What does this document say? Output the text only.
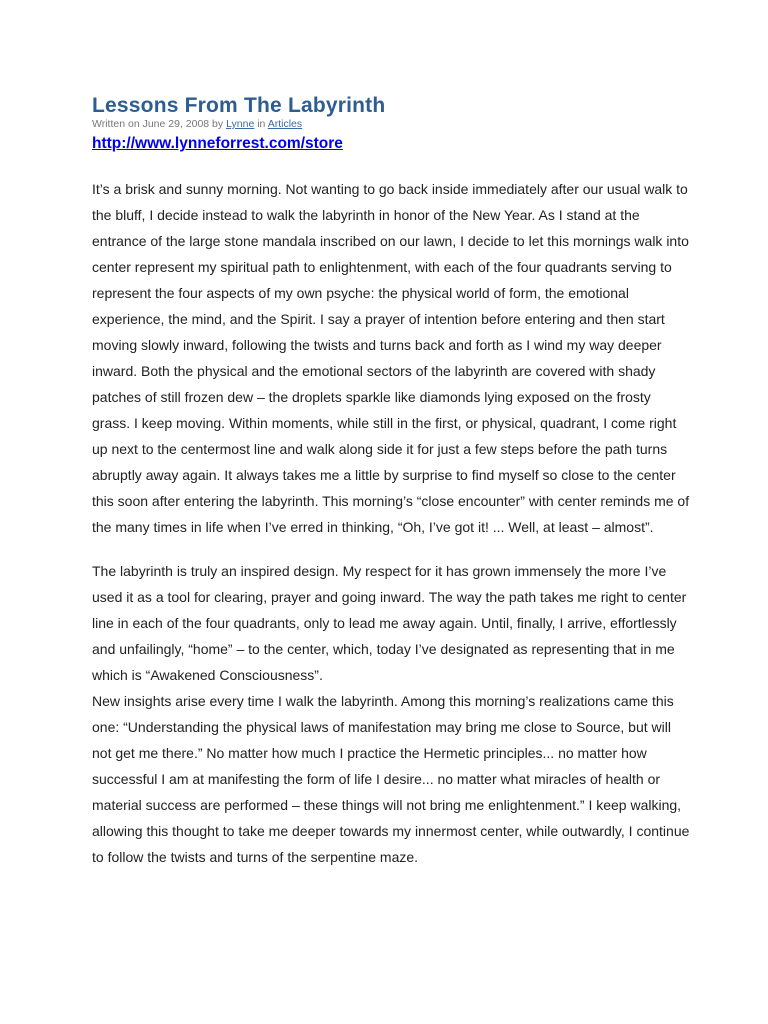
Lessons From The Labyrinth
Written on June 29, 2008 by Lynne in Articles
http://www.lynneforrest.com/store

It’s a brisk and sunny morning. Not wanting to go back inside immediately after our usual walk to the bluff, I decide instead to walk the labyrinth in honor of the New Year. As I stand at the entrance of the large stone mandala inscribed on our lawn, I decide to let this mornings walk into center represent my spiritual path to enlightenment, with each of the four quadrants serving to represent the four aspects of my own psyche: the physical world of form, the emotional experience, the mind, and the Spirit. I say a prayer of intention before entering and then start moving slowly inward, following the twists and turns back and forth as I wind my way deeper inward. Both the physical and the emotional sectors of the labyrinth are covered with shady patches of still frozen dew – the droplets sparkle like diamonds lying exposed on the frosty grass. I keep moving. Within moments, while still in the first, or physical, quadrant, I come right up next to the centermost line and walk along side it for just a few steps before the path turns abruptly away again. It always takes me a little by surprise to find myself so close to the center this soon after entering the labyrinth. This morning’s “close encounter” with center reminds me of the many times in life when I’ve erred in thinking, “Oh, I’ve got it! ... Well, at least – almost”.

The labyrinth is truly an inspired design. My respect for it has grown immensely the more I’ve used it as a tool for clearing, prayer and going inward. The way the path takes me right to center line in each of the four quadrants, only to lead me away again. Until, finally, I arrive, effortlessly and unfailingly, “home” – to the center, which, today I’ve designated as representing that in me which is “Awakened Consciousness”.

New insights arise every time I walk the labyrinth. Among this morning’s realizations came this one: “Understanding the physical laws of manifestation may bring me close to Source, but will not get me there.” No matter how much I practice the Hermetic principles... no matter how successful I am at manifesting the form of life I desire... no matter what miracles of health or material success are performed – these things will not bring me enlightenment.” I keep walking, allowing this thought to take me deeper towards my innermost center, while outwardly, I continue to follow the twists and turns of the serpentine maze.
